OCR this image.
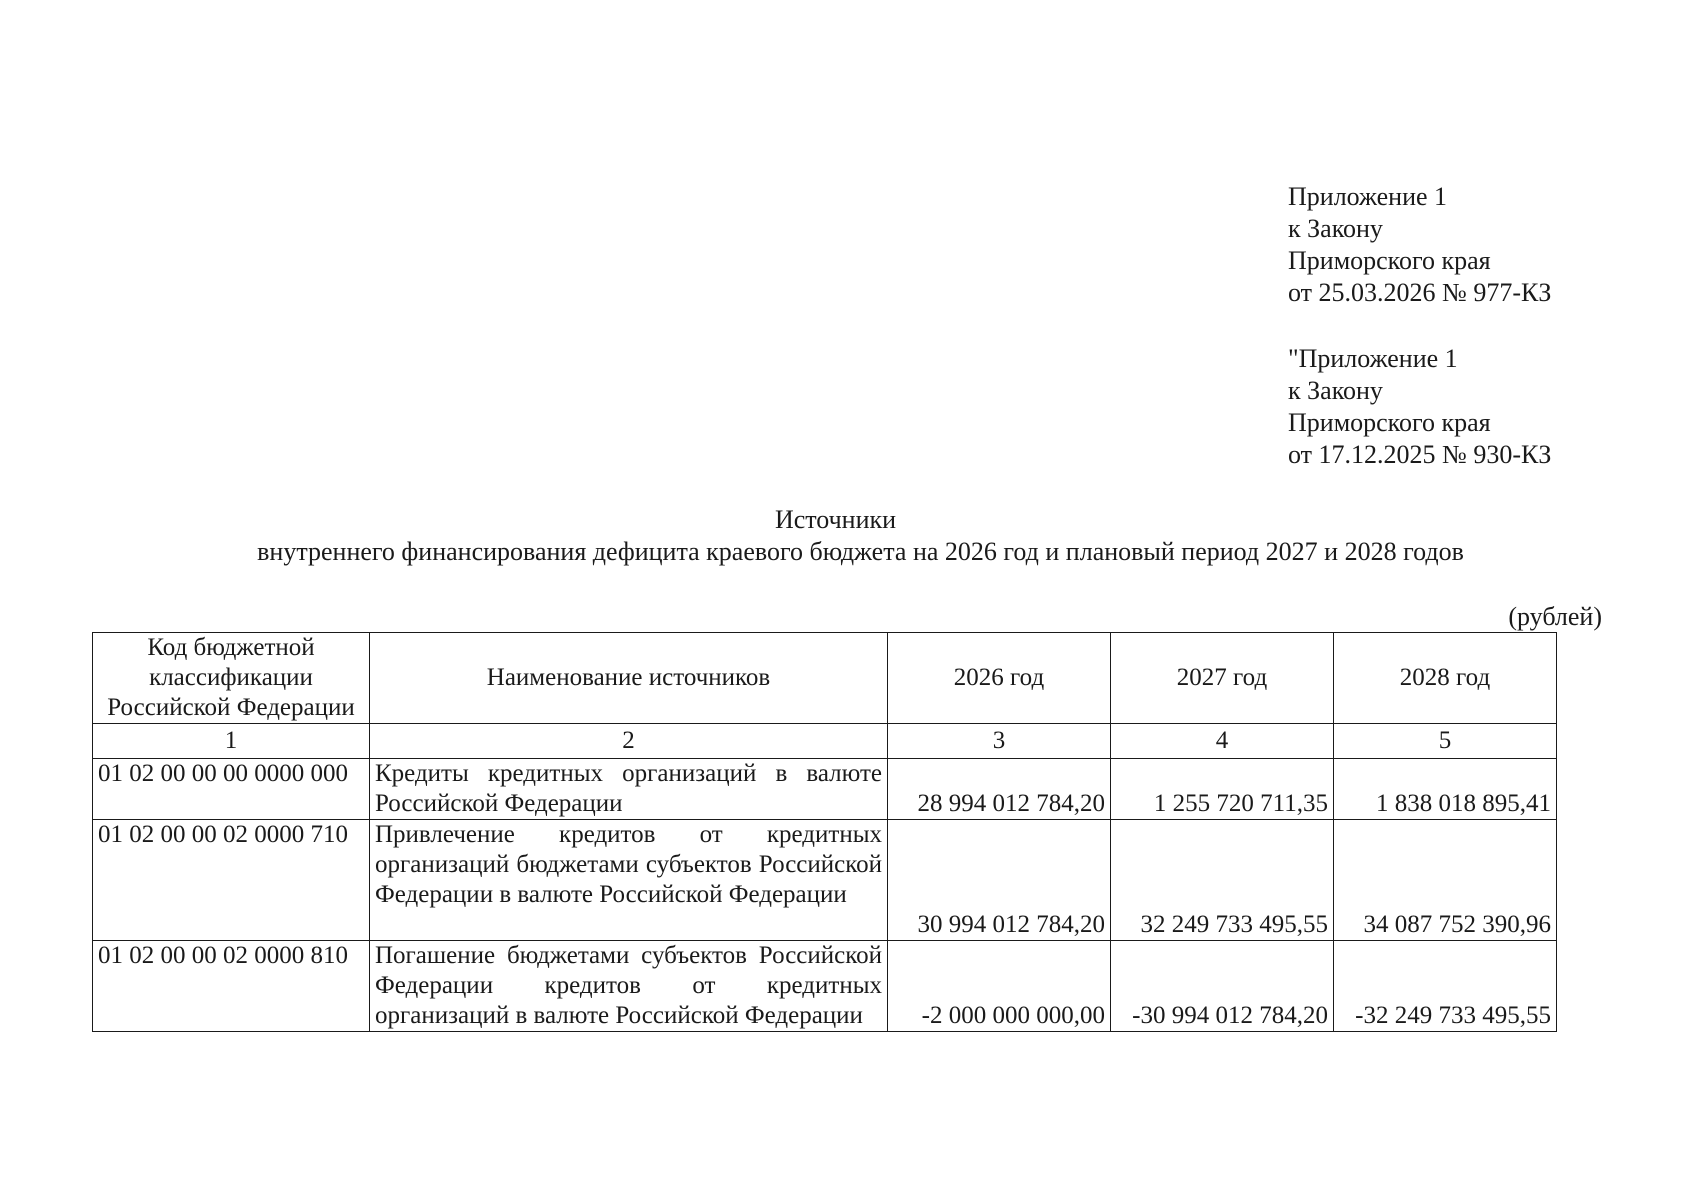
Приложение 1
к Закону
Приморского края
от 25.03.2026 № 977-КЗ
"Приложение 1
к Закону
Приморского края
от 17.12.2025 № 930-КЗ
Источники
внутреннего финансирования дефицита краевого бюджета на 2026 год и плановый период 2027 и 2028 годов
(рублей)
Код бюджетной классификации Российской Федерации	Наименование источников	2026 год	2027 год	2028 год
1	2	3	4	5
01 02 00 00 00 0000 000	Кредиты кредитных организаций в валюте Российской Федерации	28 994 012 784,20	1 255 720 711,35	1 838 018 895,41
01 02 00 00 02 0000 710	Привлечение кредитов от кредитных организаций бюджетами субъектов Российской Федерации в валюте Российской Федерации	30 994 012 784,20	32 249 733 495,55	34 087 752 390,96
01 02 00 00 02 0000 810	Погашение бюджетами субъектов Российской Федерации кредитов от кредитных организаций в валюте Российской Федерации	-2 000 000 000,00	-30 994 012 784,20	-32 249 733 495,55
